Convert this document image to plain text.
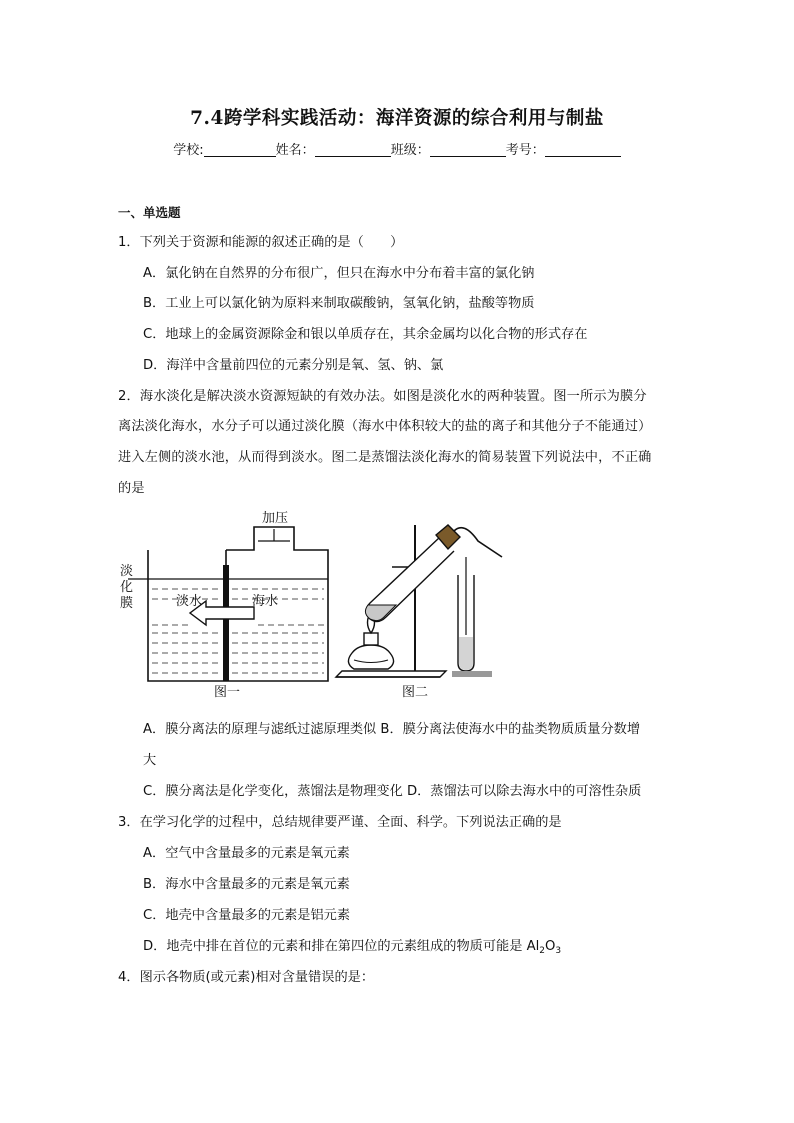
7.4跨学科实践活动：海洋资源的综合利用与制盐
学校:	姓名：	班级：	考号：
一、单选题
1．下列关于资源和能源的叙述正确的是（　　）
A．氯化钠在自然界的分布很广，但只在海水中分布着丰富的氯化钠
B．工业上可以氯化钠为原料来制取碳酸钠，氢氧化钠，盐酸等物质
C．地球上的金属资源除金和银以单质存在，其余金属均以化合物的形式存在
D．海洋中含量前四位的元素分别是氧、氢、钠、氯
2．海水淡化是解决淡水资源短缺的有效办法。如图是淡化水的两种装置。图一所示为膜分
离法淡化海水，水分子可以通过淡化膜（海水中体积较大的盐的离子和其他分子不能通过）
进入左侧的淡水池，从而得到淡水。图二是蒸馏法淡化海水的简易装置下列说法中，不正确
的是
加压
淡
化
膜	淡水	海水
图一	图二
A．膜分离法的原理与滤纸过滤原理类似 B．膜分离法使海水中的盐类物质质量分数增
大
C．膜分离法是化学变化，蒸馏法是物理变化 D．蒸馏法可以除去海水中的可溶性杂质
3．在学习化学的过程中，总结规律要严谨、全面、科学。下列说法正确的是
A．空气中含量最多的元素是氧元素
B．海水中含量最多的元素是氧元素
C．地壳中含量最多的元素是铝元素
D．地壳中排在首位的元素和排在第四位的元素组成的物质可能是 $Al_2O_3$
4．图示各物质(或元素)相对含量错误的是：
